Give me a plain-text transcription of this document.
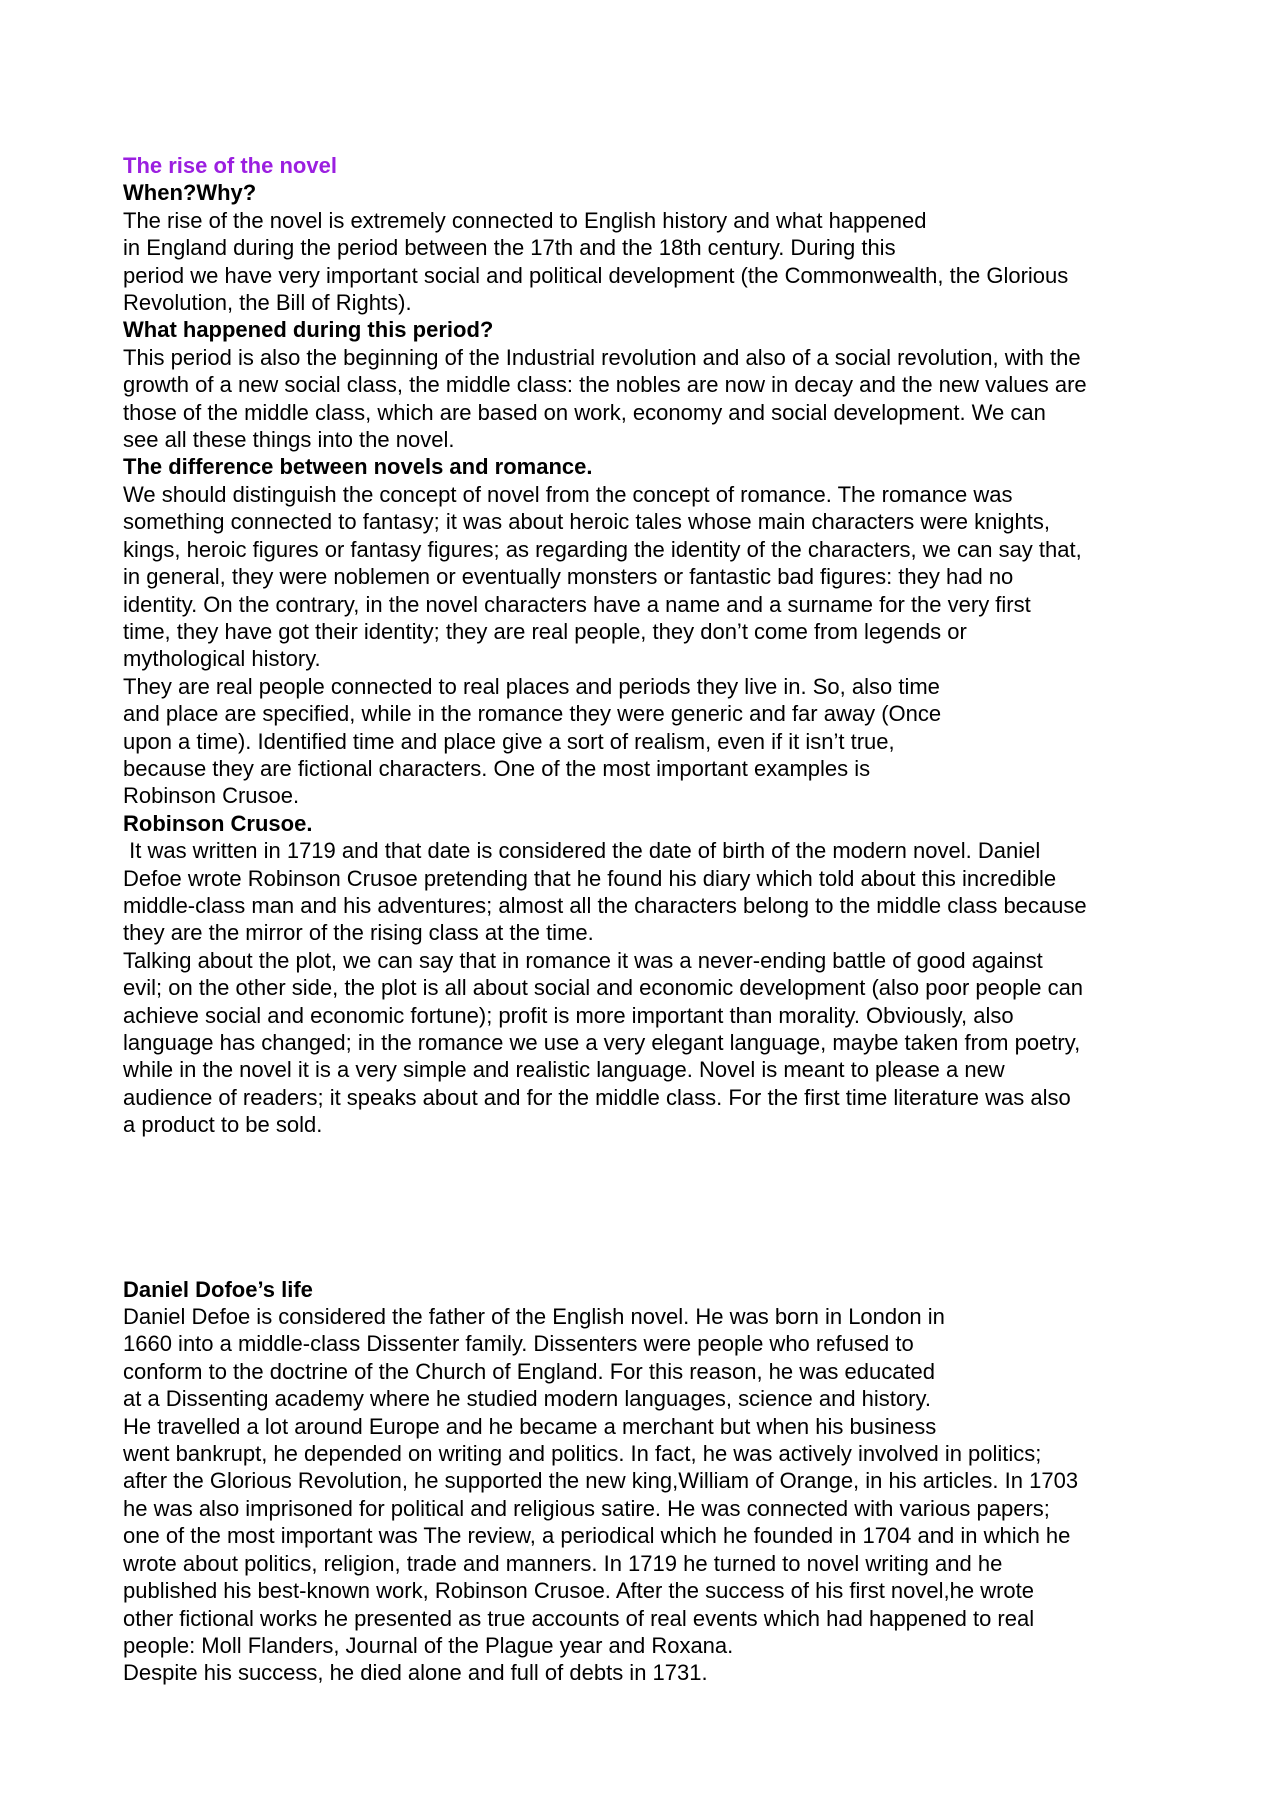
The rise of the novel
When?Why?
The rise of the novel is extremely connected to English history and what happened
in England during the period between the 17th and the 18th century. During this
period we have very important social and political development (the Commonwealth, the Glorious
Revolution, the Bill of Rights).
What happened during this period?
This period is also the beginning of the Industrial revolution and also of a social revolution, with the
growth of a new social class, the middle class: the nobles are now in decay and the new values are
those of the middle class, which are based on work, economy and social development. We can
see all these things into the novel.
The difference between novels and romance.
We should distinguish the concept of novel from the concept of romance. The romance was
something connected to fantasy; it was about heroic tales whose main characters were knights,
kings, heroic figures or fantasy figures; as regarding the identity of the characters, we can say that,
in general, they were noblemen or eventually monsters or fantastic bad figures: they had no
identity. On the contrary, in the novel characters have a name and a surname for the very first
time, they have got their identity; they are real people, they don’t come from legends or
mythological history.
They are real people connected to real places and periods they live in. So, also time
and place are specified, while in the romance they were generic and far away (Once
upon a time). Identified time and place give a sort of realism, even if it isn’t true,
because they are fictional characters. One of the most important examples is
Robinson Crusoe.
Robinson Crusoe.
It was written in 1719 and that date is considered the date of birth of the modern novel. Daniel
Defoe wrote Robinson Crusoe pretending that he found his diary which told about this incredible
middle-class man and his adventures; almost all the characters belong to the middle class because
they are the mirror of the rising class at the time.
Talking about the plot, we can say that in romance it was a never-ending battle of good against
evil; on the other side, the plot is all about social and economic development (also poor people can
achieve social and economic fortune); profit is more important than morality. Obviously, also
language has changed; in the romance we use a very elegant language, maybe taken from poetry,
while in the novel it is a very simple and realistic language. Novel is meant to please a new
audience of readers; it speaks about and for the middle class. For the first time literature was also
a product to be sold.
Daniel Dofoe’s life
Daniel Defoe is considered the father of the English novel. He was born in London in
1660 into a middle-class Dissenter family. Dissenters were people who refused to
conform to the doctrine of the Church of England. For this reason, he was educated
at a Dissenting academy where he studied modern languages, science and history.
He travelled a lot around Europe and he became a merchant but when his business
went bankrupt, he depended on writing and politics. In fact, he was actively involved in politics;
after the Glorious Revolution, he supported the new king,William of Orange, in his articles. In 1703
he was also imprisoned for political and religious satire. He was connected with various papers;
one of the most important was The review, a periodical which he founded in 1704 and in which he
wrote about politics, religion, trade and manners. In 1719 he turned to novel writing and he
published his best-known work, Robinson Crusoe. After the success of his first novel,he wrote
other fictional works he presented as true accounts of real events which had happened to real
people: Moll Flanders, Journal of the Plague year and Roxana.
Despite his success, he died alone and full of debts in 1731.
